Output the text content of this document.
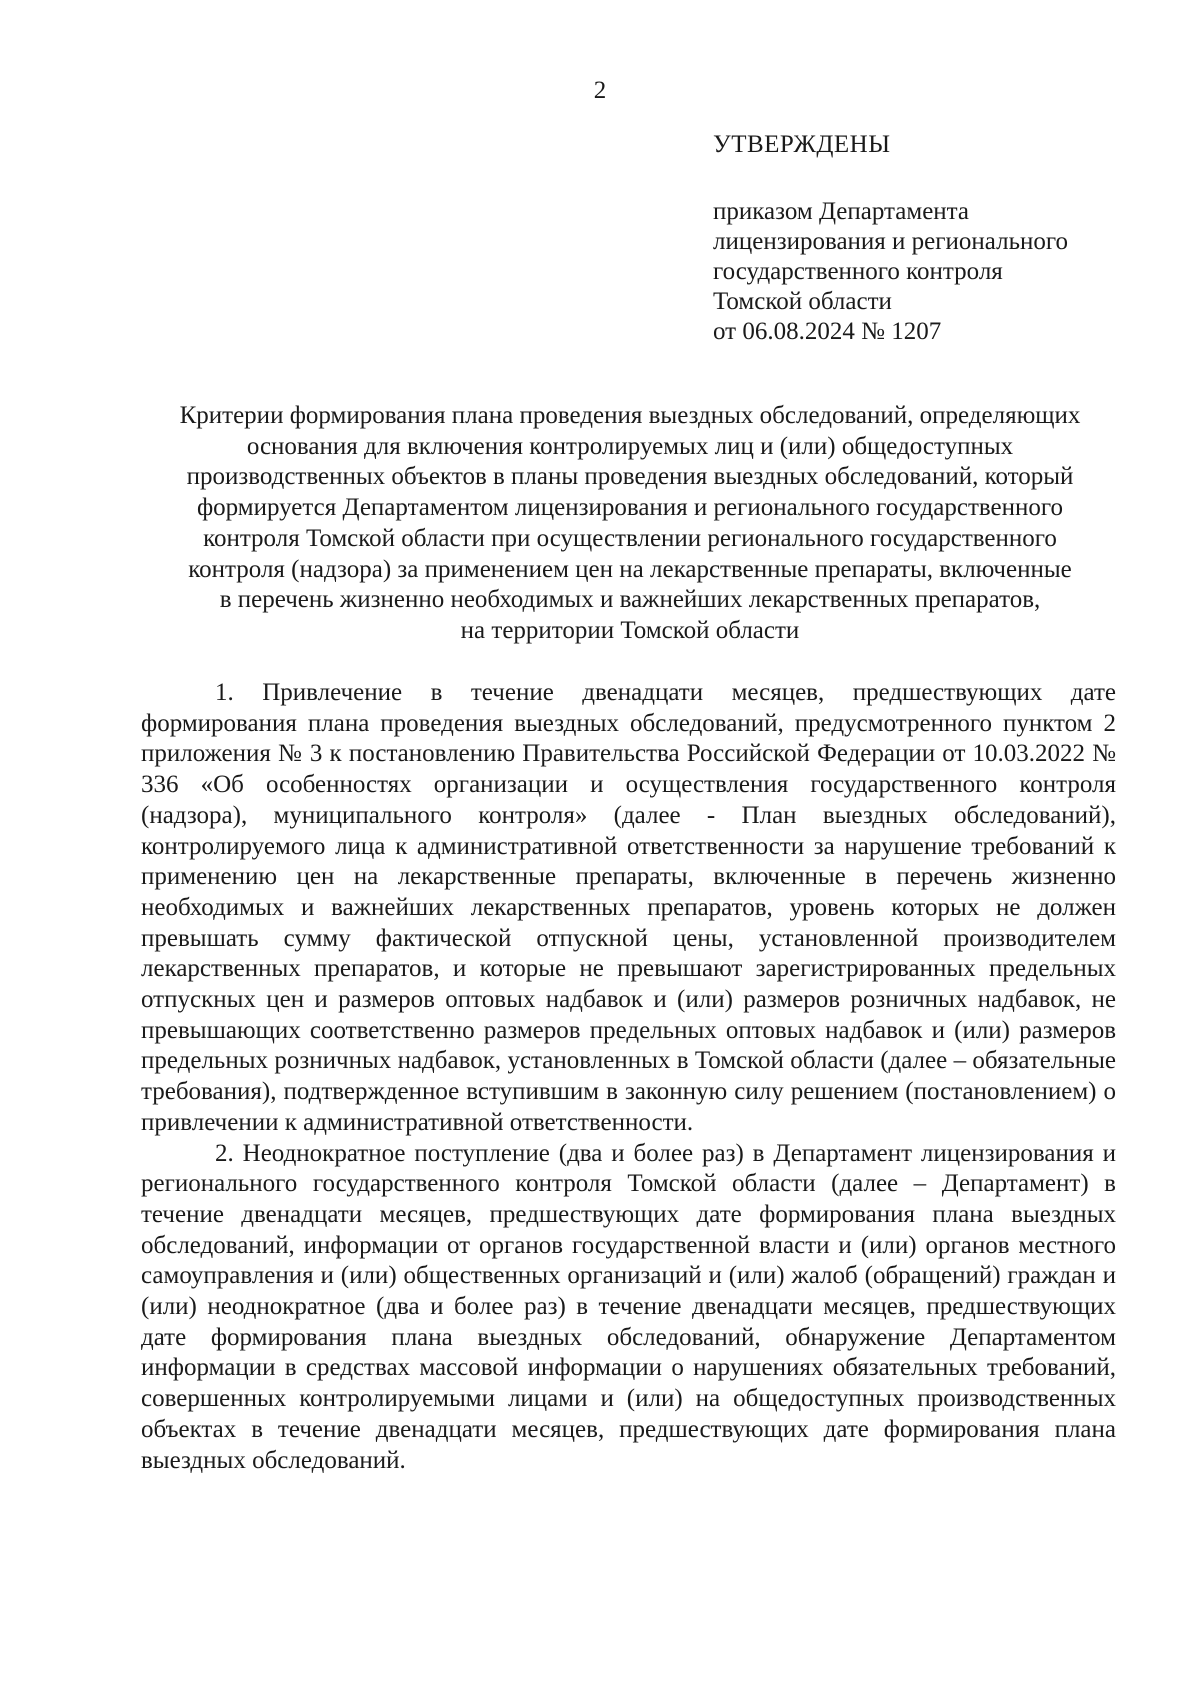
2
УТВЕРЖДЕНЫ
приказом Департамента
лицензирования и регионального
государственного контроля
Томской области
от 06.08.2024 № 1207
Критерии формирования плана проведения выездных обследований, определяющих
основания для включения контролируемых лиц и (или) общедоступных
производственных объектов в планы проведения выездных обследований, который
формируется Департаментом лицензирования и регионального государственного
контроля Томской области при осуществлении регионального государственного
контроля (надзора) за применением цен на лекарственные препараты, включенные
в перечень жизненно необходимых и важнейших лекарственных препаратов,
на территории Томской области

1. Привлечение в течение двенадцати месяцев, предшествующих дате формирования плана проведения выездных обследований, предусмотренного пунктом 2 приложения № 3 к постановлению Правительства Российской Федерации от 10.03.2022 № 336 «Об особенностях организации и осуществления государственного контроля (надзора), муниципального контроля» (далее - План выездных обследований), контролируемого лица к административной ответственности за нарушение требований к применению цен на лекарственные препараты, включенные в перечень жизненно необходимых и важнейших лекарственных препаратов, уровень которых не должен превышать сумму фактической отпускной цены, установленной производителем лекарственных препаратов, и которые не превышают зарегистрированных предельных отпускных цен и размеров оптовых надбавок и (или) размеров розничных надбавок, не превышающих соответственно размеров предельных оптовых надбавок и (или) размеров предельных розничных надбавок, установленных в Томской области (далее – обязательные требования), подтвержденное вступившим в законную силу решением (постановлением) о привлечении к административной ответственности.

2. Неоднократное поступление (два и более раз) в Департамент лицензирования и регионального государственного контроля Томской области (далее – Департамент) в течение двенадцати месяцев, предшествующих дате формирования плана выездных обследований, информации от органов государственной власти и (или) органов местного самоуправления и (или) общественных организаций и (или) жалоб (обращений) граждан и (или) неоднократное (два и более раз) в течение двенадцати месяцев, предшествующих дате формирования плана выездных обследований, обнаружение Департаментом информации в средствах массовой информации о нарушениях обязательных требований, совершенных контролируемыми лицами и (или) на общедоступных производственных объектах в течение двенадцати месяцев, предшествующих дате формирования плана выездных обследований.
